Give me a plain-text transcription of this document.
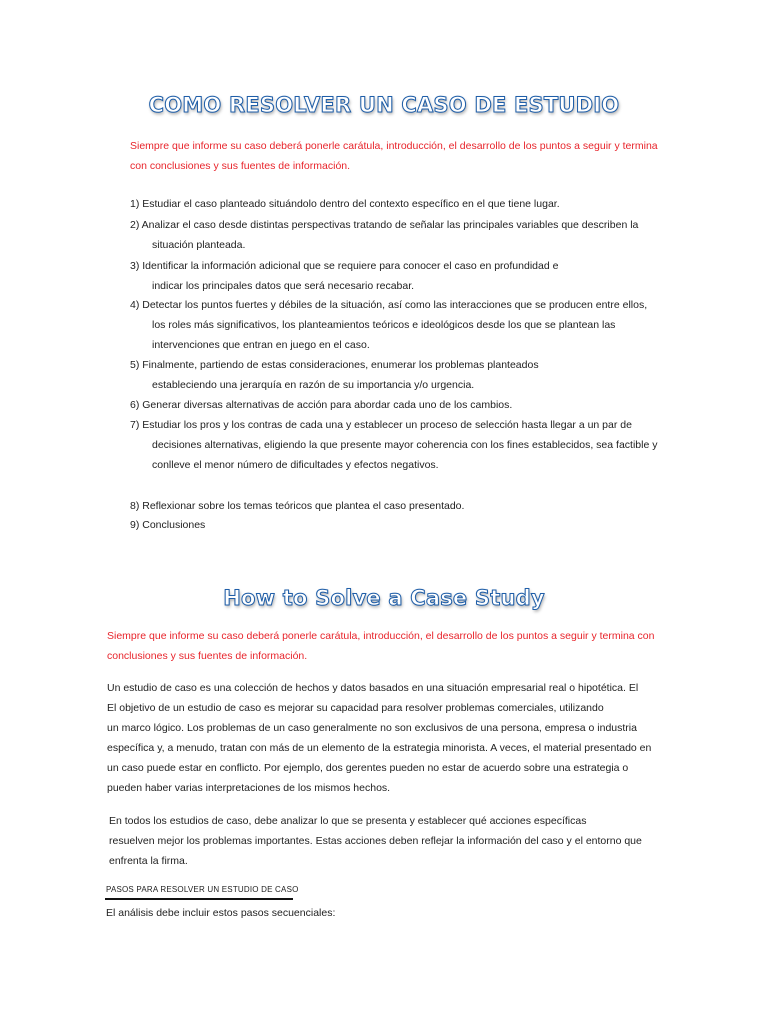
COMO RESOLVER UN CASO DE ESTUDIO
Siempre que informe su caso deberá ponerle carátula, introducción, el desarrollo de los puntos a seguir y termina
con conclusiones y sus fuentes de información.
1) Estudiar el caso planteado situándolo dentro del contexto específico en el que tiene lugar.
2) Analizar el caso desde distintas perspectivas tratando de señalar las principales variables que describen la
situación planteada.
3) Identificar la información adicional que se requiere para conocer el caso en profundidad e
indicar los principales datos que será necesario recabar.
4) Detectar los puntos fuertes y débiles de la situación, así como las interacciones que se producen entre ellos,
los roles más significativos, los planteamientos teóricos e ideológicos desde los que se plantean las
intervenciones que entran en juego en el caso.
5) Finalmente, partiendo de estas consideraciones, enumerar los problemas planteados
estableciendo una jerarquía en razón de su importancia y/o urgencia.
6) Generar diversas alternativas de acción para abordar cada uno de los cambios.
7) Estudiar los pros y los contras de cada una y establecer un proceso de selección hasta llegar a un par de
decisiones alternativas, eligiendo la que presente mayor coherencia con los fines establecidos, sea factible y
conlleve el menor número de dificultades y efectos negativos.
8) Reflexionar sobre los temas teóricos que plantea el caso presentado.
9) Conclusiones
How to Solve a Case Study
Siempre que informe su caso deberá ponerle carátula, introducción, el desarrollo de los puntos a seguir y termina con
conclusiones y sus fuentes de información.
Un estudio de caso es una colección de hechos y datos basados en una situación empresarial real o hipotética. El
El objetivo de un estudio de caso es mejorar su capacidad para resolver problemas comerciales, utilizando
un marco lógico. Los problemas de un caso generalmente no son exclusivos de una persona, empresa o industria
específica y, a menudo, tratan con más de un elemento de la estrategia minorista. A veces, el material presentado en
un caso puede estar en conflicto. Por ejemplo, dos gerentes pueden no estar de acuerdo sobre una estrategia o
pueden haber varias interpretaciones de los mismos hechos.
En todos los estudios de caso, debe analizar lo que se presenta y establecer qué acciones específicas
resuelven mejor los problemas importantes. Estas acciones deben reflejar la información del caso y el entorno que
enfrenta la firma.
PASOS PARA RESOLVER UN ESTUDIO DE CASO
El análisis debe incluir estos pasos secuenciales:
